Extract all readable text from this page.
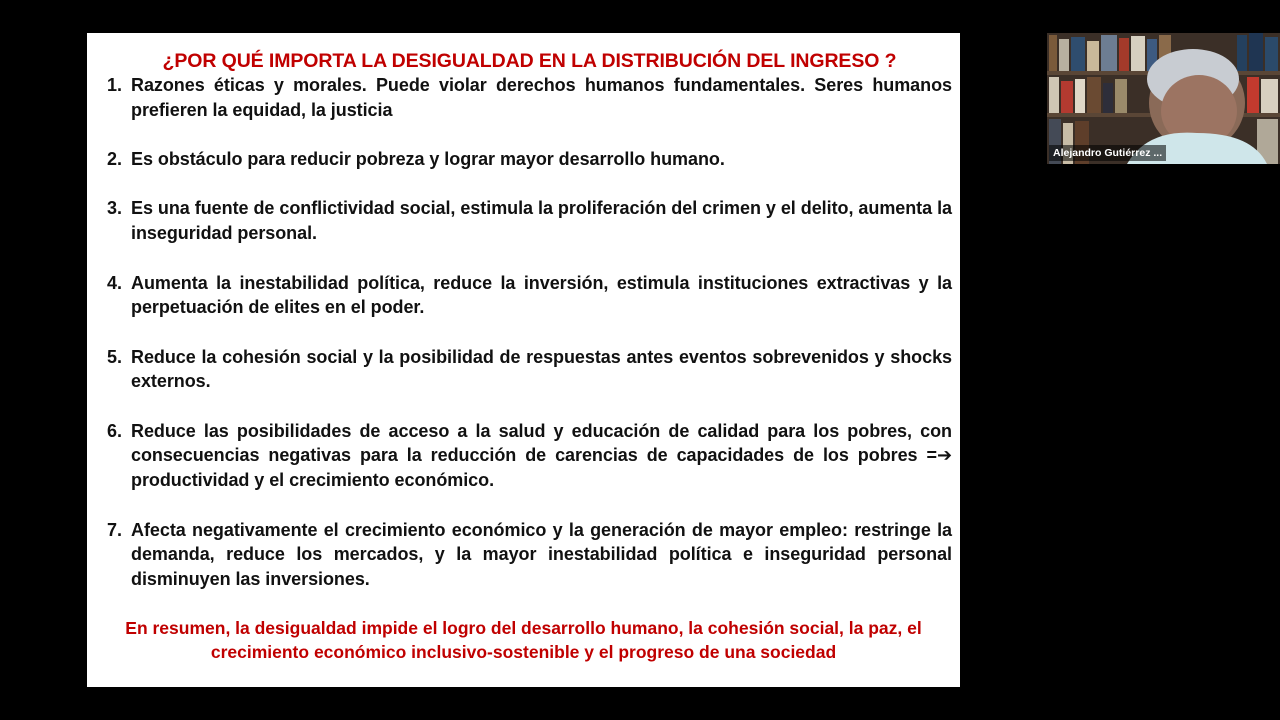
¿POR QUÉ IMPORTA LA DESIGUALDAD EN LA DISTRIBUCIÓN DEL INGRESO ?
1. Razones éticas y morales. Puede violar derechos humanos fundamentales. Seres humanos prefieren la equidad, la justicia
2. Es obstáculo para reducir pobreza y lograr mayor desarrollo humano.
3. Es una fuente de conflictividad social, estimula la proliferación del crimen y el delito, aumenta la inseguridad personal.
4. Aumenta la inestabilidad política, reduce la inversión, estimula instituciones extractivas y la perpetuación de elites en el poder.
5. Reduce la cohesión social y la posibilidad de respuestas antes eventos sobrevenidos y shocks externos.
6. Reduce las posibilidades de acceso a la salud y educación de calidad para los pobres, con consecuencias negativas para la reducción de carencias de capacidades de los pobres =➔ productividad y el crecimiento económico.
7. Afecta negativamente el crecimiento económico y la generación de mayor empleo: restringe la demanda, reduce los mercados, y la mayor inestabilidad política e inseguridad personal disminuyen las inversiones.

En resumen, la desigualdad impide el logro del desarrollo humano, la cohesión social, la paz, el crecimiento económico inclusivo-sostenible y el progreso de una sociedad

Alejandro Gutiérrez ...
